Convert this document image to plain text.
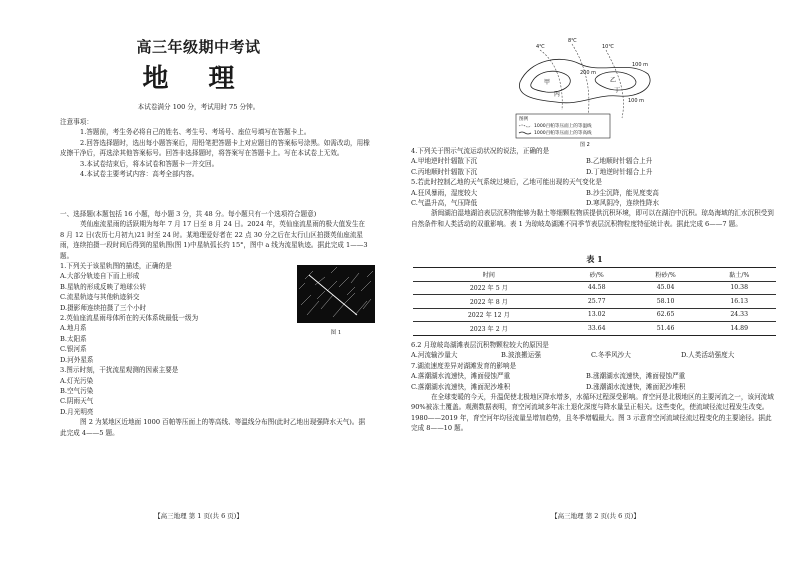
高三年级期中考试
地理
本试卷满分 100 分，考试用时 75 分钟。

注意事项：

1.答题前，考生务必将自己的姓名、考生号、考场号、座位号填写在答题卡上。

2.回答选择题时，选出每小题答案后，用铅笔把答题卡上对应题目的答案标号涂黑。如需改动，用橡皮擦干净后，再选涂其他答案标号。回答非选择题时，将答案写在答题卡上。写在本试卷上无效。

3.本试卷结束后，将本试卷和答题卡一并交回。

4.本试卷主要考试内容：高考全部内容。

一、选择题(本题包括 16 小题，每小题 3 分，共 48 分。每小题只有一个选项符合题意)

英仙座流星雨的活跃期为每年 7 月 17 日至 8 月 24 日。2024 年，英仙座流星雨的极大值发生在 8 月 12 日(农历七月初九)21 时至 24 时。某地理爱好者在 22 点 30 分之后在太行山区拍摄英仙座流星雨，连续拍摄一段时间后得到的星轨图(图 1)中星轨弧长约 15°，图中 a 线为流星轨迹。据此完成 1——3 题。

1.下列关于该星轨图的描述，正确的是

A.大部分轨迹自下而上形成

B.星轨的形成反映了地球公转

C.流星轨迹与其他轨迹斜交

D.摄影师连续拍摄了三个小时

2.英仙座流星雨母体所在的天体系统最低一级为

A.地月系

B.太阳系

C.银河系

D.河外星系

3.图示时刻，干扰流星观测的因素主要是

A.灯光污染

B.空气污染

C.阴雨天气

D.月光明亮

图 2 为某地区近地面 1000 百帕等压面上的等高线、等温线分布图(此时乙地出现强降水天气)。据此完成 4——5 题。

图 1
【高三地理 第 1 页(共 6 页)】
4℃
8℃
10℃
100 m
200 m
100 m
甲	乙
丙
丁
图例
1000百帕等压面上的等温线
1000百帕等压面上的等高线
图 2

4.下列关于图示气流运动状况的说法，正确的是

A.甲地逆时针辐散下沉	B.乙地顺时针辐合上升
C.丙地顺时针辐散下沉	D.丁地逆时针辐合上升

5.若此时控制乙地的天气系统过境后，乙地可能出现的天气变化是

A.狂风暴雨，湿度较大	B.沙尘沉降，能见度变高
C.气温升高，气压降低	D.寒风阴冷，连续性降水

浙闽湖泊湿地湖泊表层沉积物能够为黏土等细颗粒物质提供沉积环境，即可以在湖泊中沉积。琼岛海域的汇水沉积受到自然条件和人类活动的双重影响。表 1 为琼岐岛湖滩不同季节表层沉积物粒度特征统计表。据此完成 6——7 题。

表 1
时间	砂/%	粉砂/%	黏土/%
2022 年 5 月	44.58	45.04	10.38
2022 年 8 月	25.77	58.10	16.13
2022 年 12 月	13.02	62.65	24.33
2023 年 2 月	33.64	51.46	14.89

6.2 月琼岐岛湖滩表层沉积物颗粒较大的原因是

A.河流输沙量大	B.波浪搬运强	C.冬季风沙大	D.人类活动强度大

7.湖流速度差异对湖滩发育的影响是

A.落潮湖水流速快，滩面侵蚀严重	B.涨潮湖水流速快，滩面侵蚀严重
C.落潮湖水流速快，滩面泥沙堆积	D.涨潮湖水流速快，滩面泥沙堆积

在全球变暖的今天，升温促使北极地区降水增多，水循环过程深受影响。育空河是北极地区的主要河流之一，该河流域 90%被冻土覆盖。观测数据表明，育空河流域多年冻土退化深度与降水量呈正相关。这些变化，使流域径流过程发生改变。1980——2019 年，育空河年均径流量呈增加趋势，且冬季增幅最大。图 3 示意育空河流域径流过程变化的主要途径。据此完成 8——10 题。

【高三地理 第 2 页(共 6 页)】
